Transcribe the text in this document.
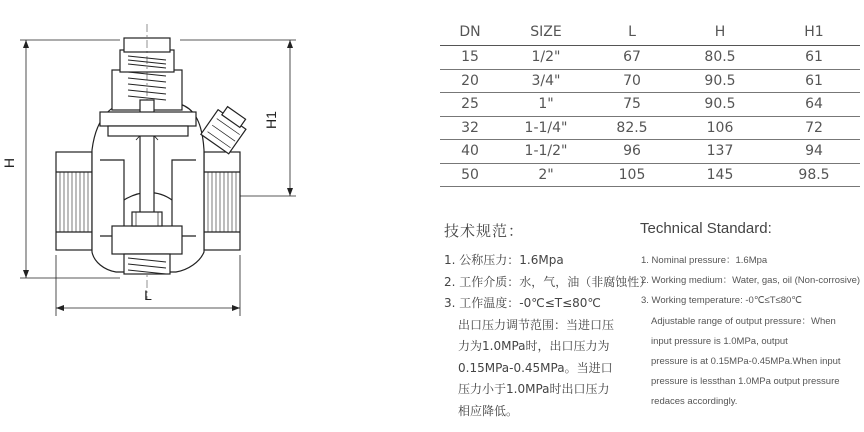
H
H1
L
DN	SIZE	L	H	H1
15	1/2"	67	80.5	61
20	3/4"	70	90.5	61
25	1"	75	90.5	64
32	1-1/4"	82.5	106	72
40	1-1/2"	96	137	94
50	2"	105	145	98.5
技术规范：
1. 公称压力：1.6Mpa
2. 工作介质：水，气，油（非腐蚀性）
3. 工作温度：-0℃≤T≤80℃
出口压力调节范围：当进口压
力为1.0MPa时，出口压力为
0.15MPa-0.45MPa。当进口
压力小于1.0MPa时出口压力
相应降低。
Technical Standard:
1. Nominal pressure：1.6Mpa
2. Working medium：Water, gas, oil (Non-corrosive)
3. Working temperature: -0℃≤T≤80℃
Adjustable range of output pressure：When
input pressure is 1.0MPa, output
pressure is at 0.15MPa-0.45MPa.When input
pressure is lessthan 1.0MPa output pressure
redaces accordingly.
